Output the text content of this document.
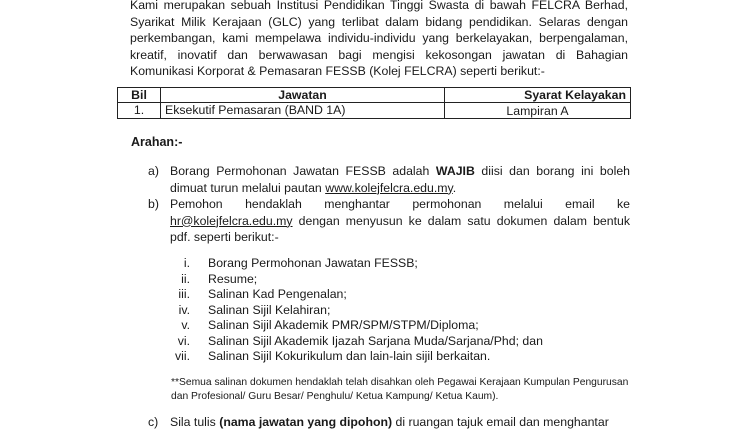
Kami merupakan sebuah Institusi Pendidikan Tinggi Swasta di bawah FELCRA Berhad, Syarikat Milik Kerajaan (GLC) yang terlibat dalam bidang pendidikan. Selaras dengan perkembangan, kami mempelawa individu-individu yang berkelayakan, berpengalaman, kreatif, inovatif dan berwawasan bagi mengisi kekosongan jawatan di Bahagian Komunikasi Korporat & Pemasaran FESSB (Kolej FELCRA) seperti berikut:-

Bil	Jawatan	Syarat Kelayakan
1.	Eksekutif Pemasaran (BAND 1A)	Lampiran A
Arahan:-
a) Borang Permohonan Jawatan FESSB adalah WAJIB diisi dan borang ini boleh dimuat turun melalui pautan www.kolejfelcra.edu.my.
b) Pemohon hendaklah menghantar permohonan melalui email ke hr@kolejfelcra.edu.my dengan menyusun ke dalam satu dokumen dalam bentuk pdf. seperti berikut:-
i. Borang Permohonan Jawatan FESSB;
ii. Resume;
iii. Salinan Kad Pengenalan;
iv. Salinan Sijil Kelahiran;
v. Salinan Sijil Akademik PMR/SPM/STPM/Diploma;
vi. Salinan Sijil Akademik Ijazah Sarjana Muda/Sarjana/Phd; dan
vii. Salinan Sijil Kokurikulum dan lain-lain sijil berkaitan.
**Semua salinan dokumen hendaklah telah disahkan oleh Pegawai Kerajaan Kumpulan Pengurusan dan Profesional/ Guru Besar/ Penghulu/ Ketua Kampung/ Ketua Kaum).
c) Sila tulis (nama jawatan yang dipohon) di ruangan tajuk email dan menghantar
